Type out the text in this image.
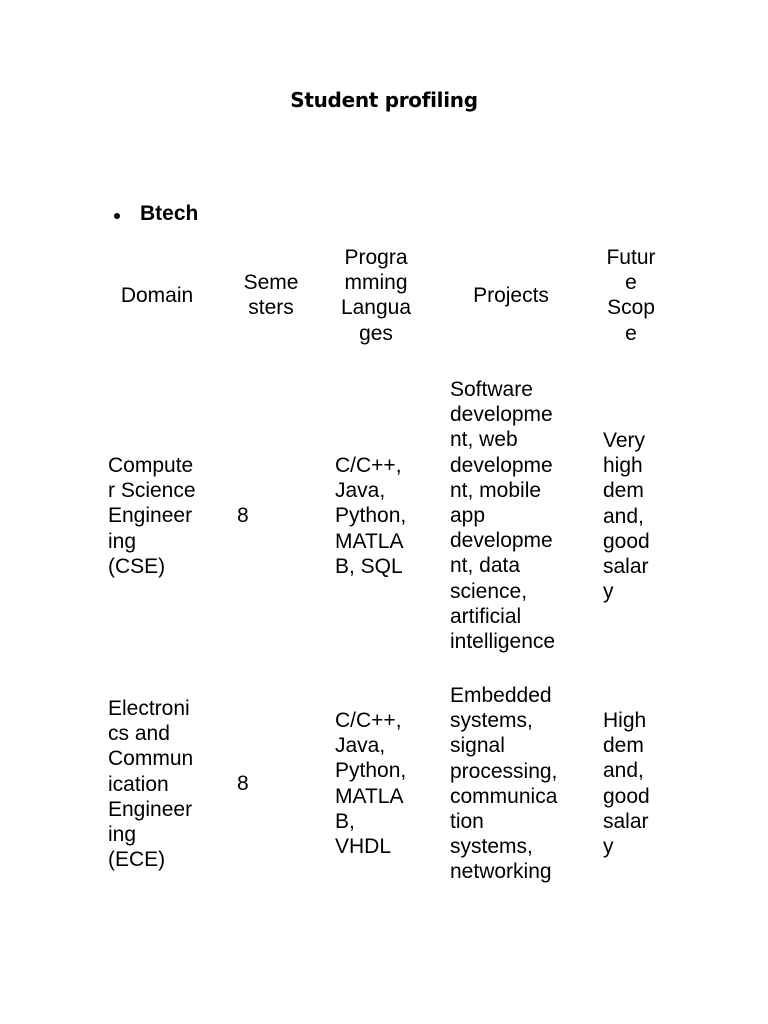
Student profiling
Btech
Domain
Seme
sters
Progra
mming
Langua
ges
Projects
Futur
e
Scop
e
Compute
r Science
Engineer
ing
(CSE)
8
C/C++,
Java,
Python,
MATLA
B, SQL
Software
developme
nt, web
developme
nt, mobile
app
developme
nt, data
science,
artificial
intelligence
Very
high
dem
and,
good
salar
y
Electroni
cs and
Commun
ication
Engineer
ing
(ECE)
8
C/C++,
Java,
Python,
MATLA
B,
VHDL
Embedded
systems,
signal
processing,
communica
tion
systems,
networking
High
dem
and,
good
salar
y
